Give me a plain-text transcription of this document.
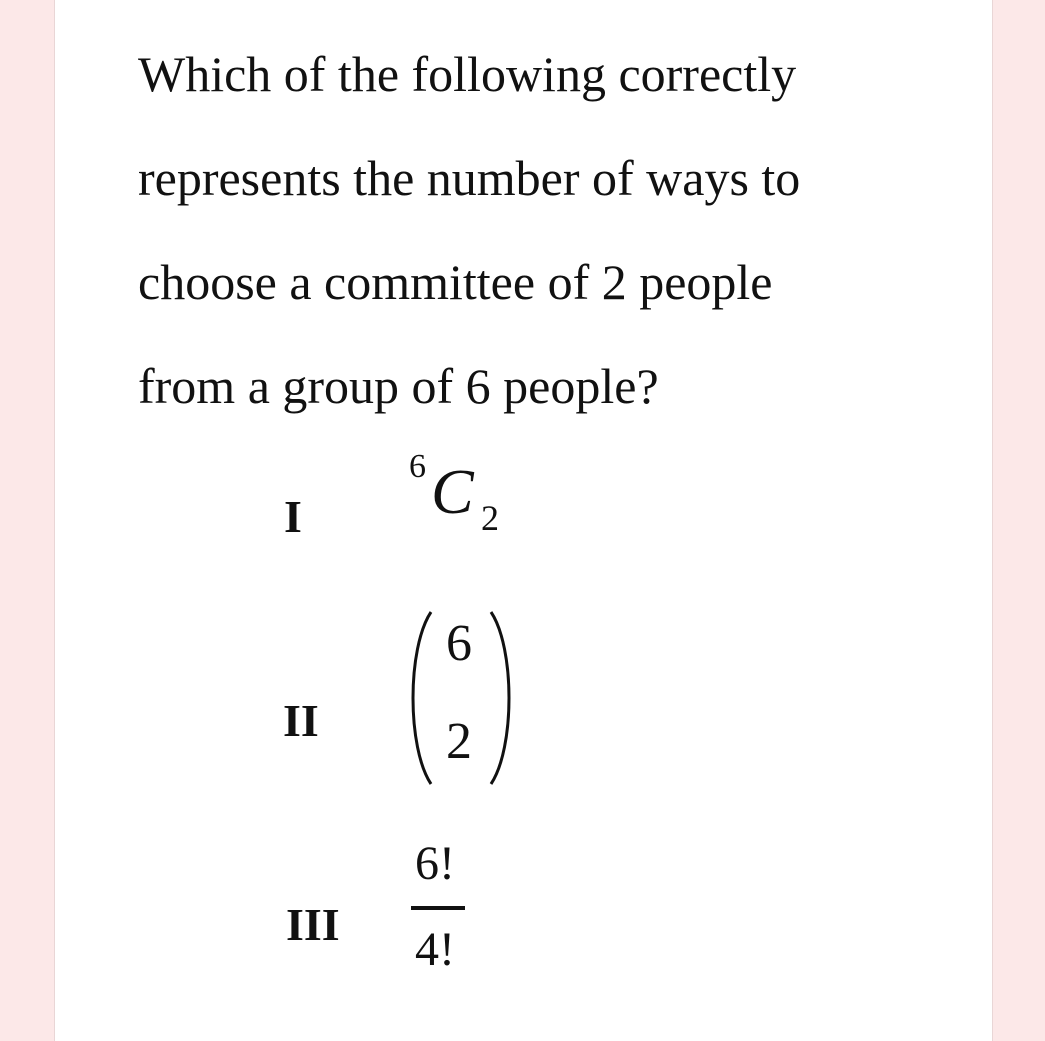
Which of the following correctly
represents the number of ways to
choose a committee of 2 people
from a group of 6 people?
I
6 C 2
II
6
2
III
6!
4!
